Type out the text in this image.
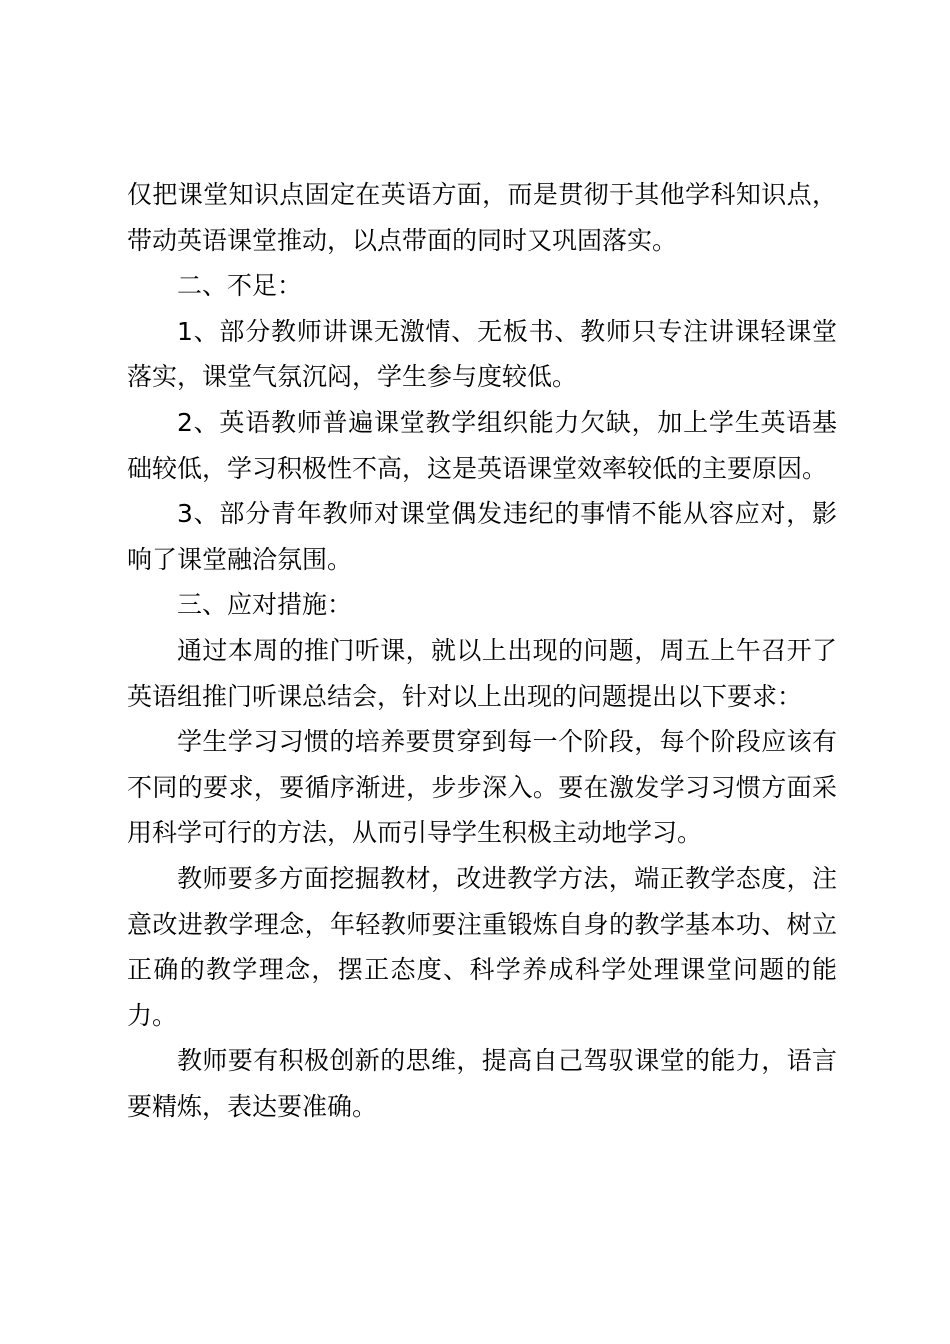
仅把课堂知识点固定在英语方面，而是贯彻于其他学科知识点，带动英语课堂推动，以点带面的同时又巩固落实。

二、不足：

1、部分教师讲课无激情、无板书、教师只专注讲课轻课堂落实，课堂气氛沉闷，学生参与度较低。

2、英语教师普遍课堂教学组织能力欠缺，加上学生英语基础较低，学习积极性不高，这是英语课堂效率较低的主要原因。

3、部分青年教师对课堂偶发违纪的事情不能从容应对，影响了课堂融洽氛围。

三、应对措施：

通过本周的推门听课，就以上出现的问题，周五上午召开了英语组推门听课总结会，针对以上出现的问题提出以下要求：

学生学习习惯的培养要贯穿到每一个阶段，每个阶段应该有不同的要求，要循序渐进，步步深入。要在激发学习习惯方面采用科学可行的方法，从而引导学生积极主动地学习。

教师要多方面挖掘教材，改进教学方法，端正教学态度，注意改进教学理念，年轻教师要注重锻炼自身的教学基本功、树立正确的教学理念，摆正态度、科学养成科学处理课堂问题的能力。

教师要有积极创新的思维，提高自己驾驭课堂的能力，语言要精炼，表达要准确。
